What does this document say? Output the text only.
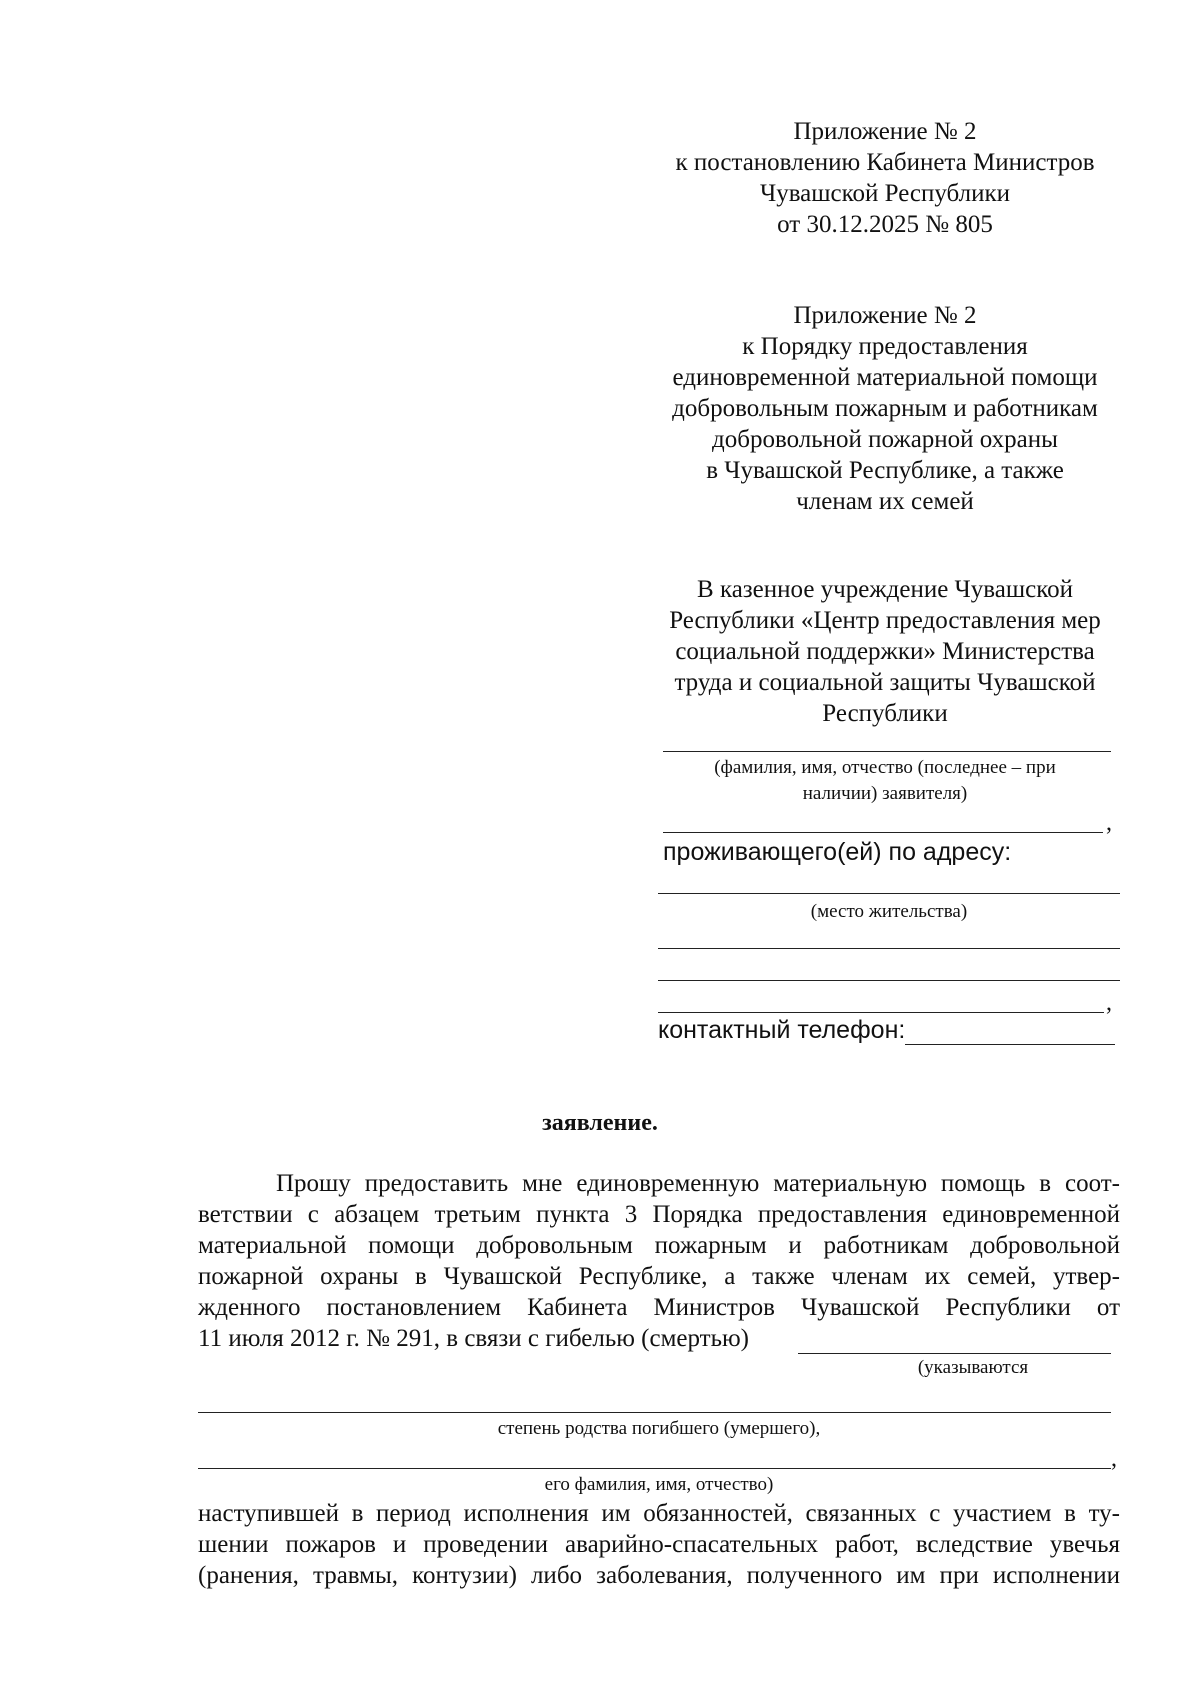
Приложение № 2
к постановлению Кабинета Министров
Чувашской Республики
от 30.12.2025 № 805
Приложение № 2
к Порядку предоставления
единовременной материальной помощи
добровольным пожарным и работникам
добровольной пожарной охраны
в Чувашской Республике, а также
членам их семей
В казенное учреждение Чувашской
Республики «Центр предоставления мер
социальной поддержки» Министерства
труда и социальной защиты Чувашской
Республики
(фамилия, имя, отчество (последнее – при
наличии) заявителя)
,
проживающего(ей) по адресу:
(место жительства)
,
контактный телефон:
заявление.
Прошу предоставить мне единовременную материальную помощь в соот-
ветствии с абзацем третьим пункта 3 Порядка предоставления единовременной
материальной помощи добровольным пожарным и работникам добровольной
пожарной охраны в Чувашской Республике, а также членам их семей, утвер-
жденного постановлением Кабинета Министров Чувашской Республики от
11 июля 2012 г. № 291, в связи с гибелью (смертью)
(указываются
степень родства погибшего (умершего),
,
его фамилия, имя, отчество)
наступившей в период исполнения им обязанностей, связанных с участием в ту-
шении пожаров и проведении аварийно-спасательных работ, вследствие увечья
(ранения, травмы, контузии) либо заболевания, полученного им при исполнении
